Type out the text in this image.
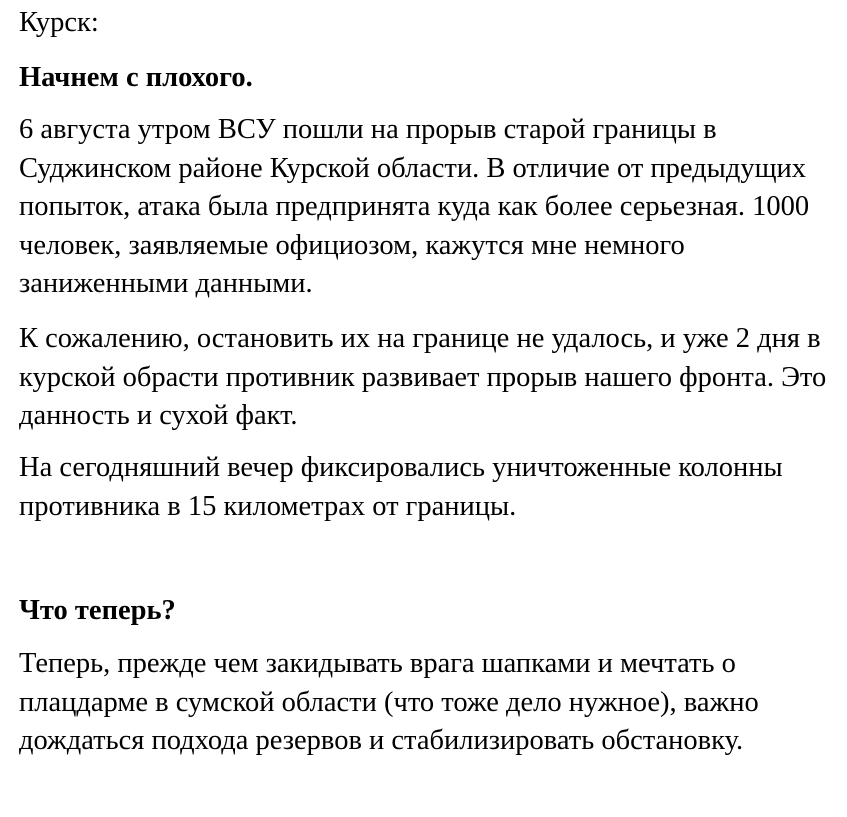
Курск:

Начнем с плохого.

6 августа утром ВСУ пошли на прорыв старой границы в Суджинском районе Курской области. В отличие от предыдущих попыток, атака была предпринята куда как более серьезная. 1000 человек, заявляемые официозом, кажутся мне немного заниженными данными.

К сожалению, остановить их на границе не удалось, и уже 2 дня в курской обрасти противник развивает прорыв нашего фронта. Это данность и сухой факт.

На сегодняшний вечер фиксировались уничтоженные колонны противника в 15 километрах от границы.

Что теперь?

Теперь, прежде чем закидывать врага шапками и мечтать о плацдарме в сумской области (что тоже дело нужное), важно дождаться подхода резервов и стабилизировать обстановку.
